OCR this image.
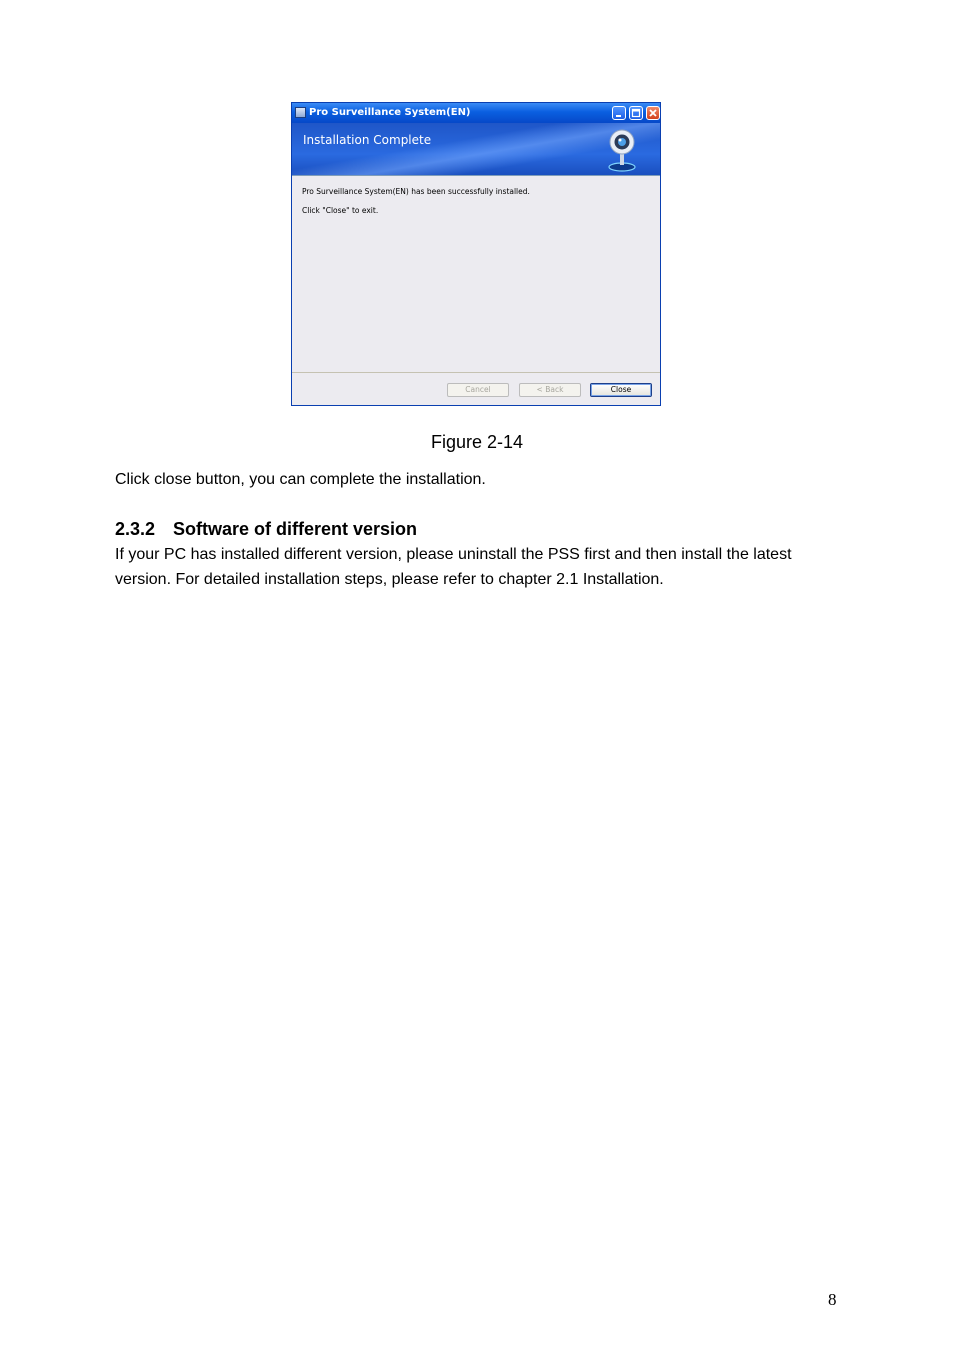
Pro Surveillance System(EN)
Installation Complete
Pro Surveillance System(EN) has been successfully installed.
Click "Close" to exit.
Cancel	< Back	Close
Figure 2-14
Click close button, you can complete the installation.
2.3.2 Software of different version
If your PC has installed different version, please uninstall the PSS first and then install the latest
version. For detailed installation steps, please refer to chapter 2.1 Installation.
8
